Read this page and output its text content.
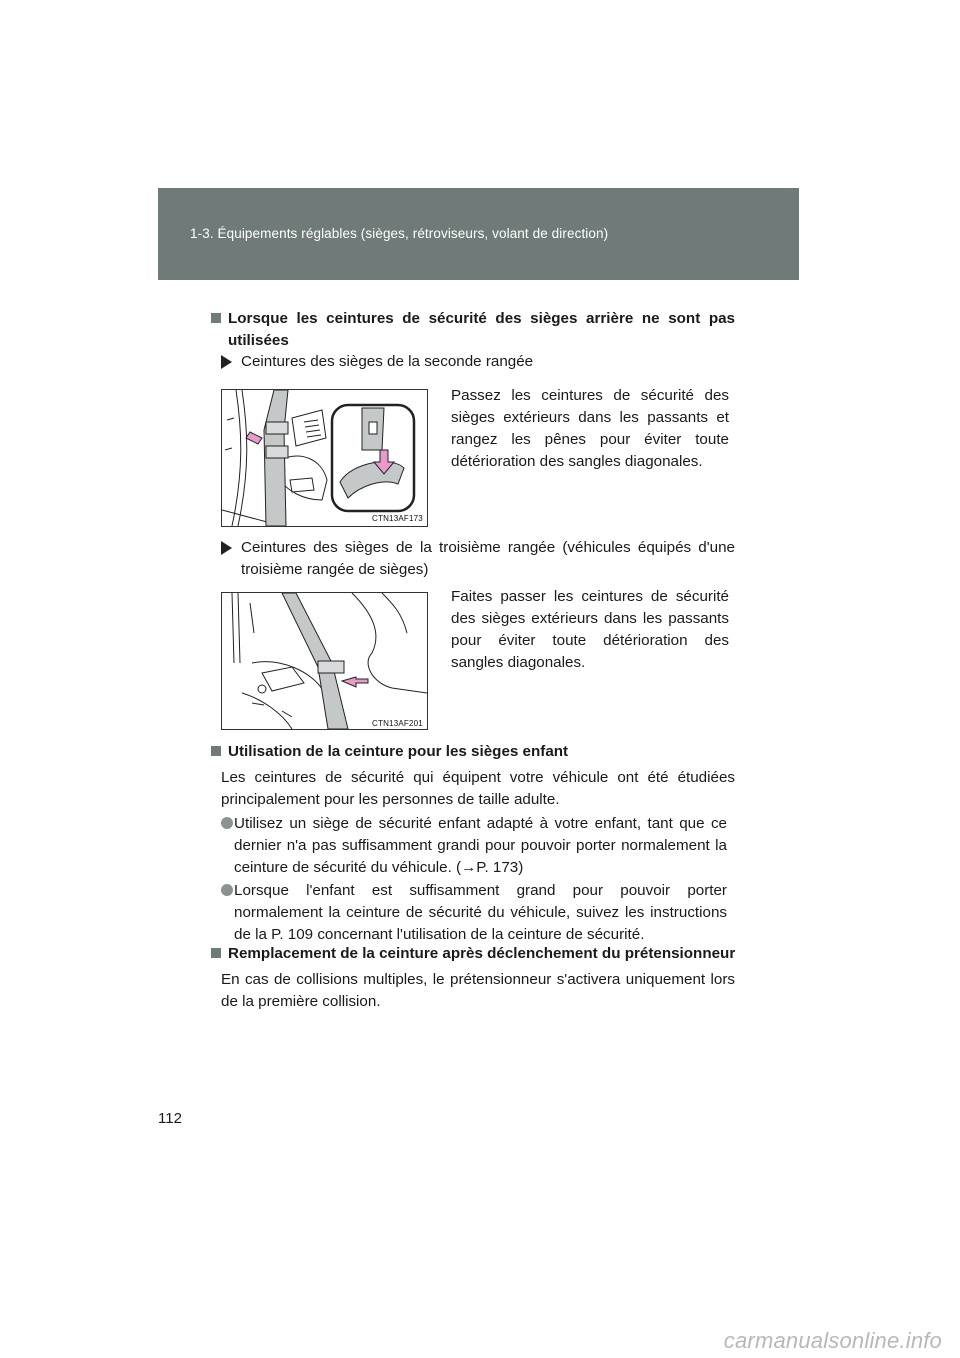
1-3. Équipements réglables (sièges, rétroviseurs, volant de direction)
Lorsque les ceintures de sécurité des sièges arrière ne sont pas utilisées
Ceintures des sièges de la seconde rangée
CTN13AF173
Passez les ceintures de sécurité des sièges extérieurs dans les passants et rangez les pênes pour éviter toute détérioration des sangles diagonales.
Ceintures des sièges de la troisième rangée (véhicules équipés d'une troisième rangée de sièges)
CTN13AF201
Faites passer les ceintures de sécurité des sièges extérieurs dans les passants pour éviter toute détérioration des sangles diagonales.
Utilisation de la ceinture pour les sièges enfant
Les ceintures de sécurité qui équipent votre véhicule ont été étudiées principalement pour les personnes de taille adulte.
Utilisez un siège de sécurité enfant adapté à votre enfant, tant que ce dernier n'a pas suffisamment grandi pour pouvoir porter normalement la ceinture de sécurité du véhicule. (→P. 173)
Lorsque l'enfant est suffisamment grand pour pouvoir porter normalement la ceinture de sécurité du véhicule, suivez les instructions de la P. 109 concernant l'utilisation de la ceinture de sécurité.
Remplacement de la ceinture après déclenchement du prétensionneur
En cas de collisions multiples, le prétensionneur s'activera uniquement lors de la première collision.
112
carmanualsonline.info
